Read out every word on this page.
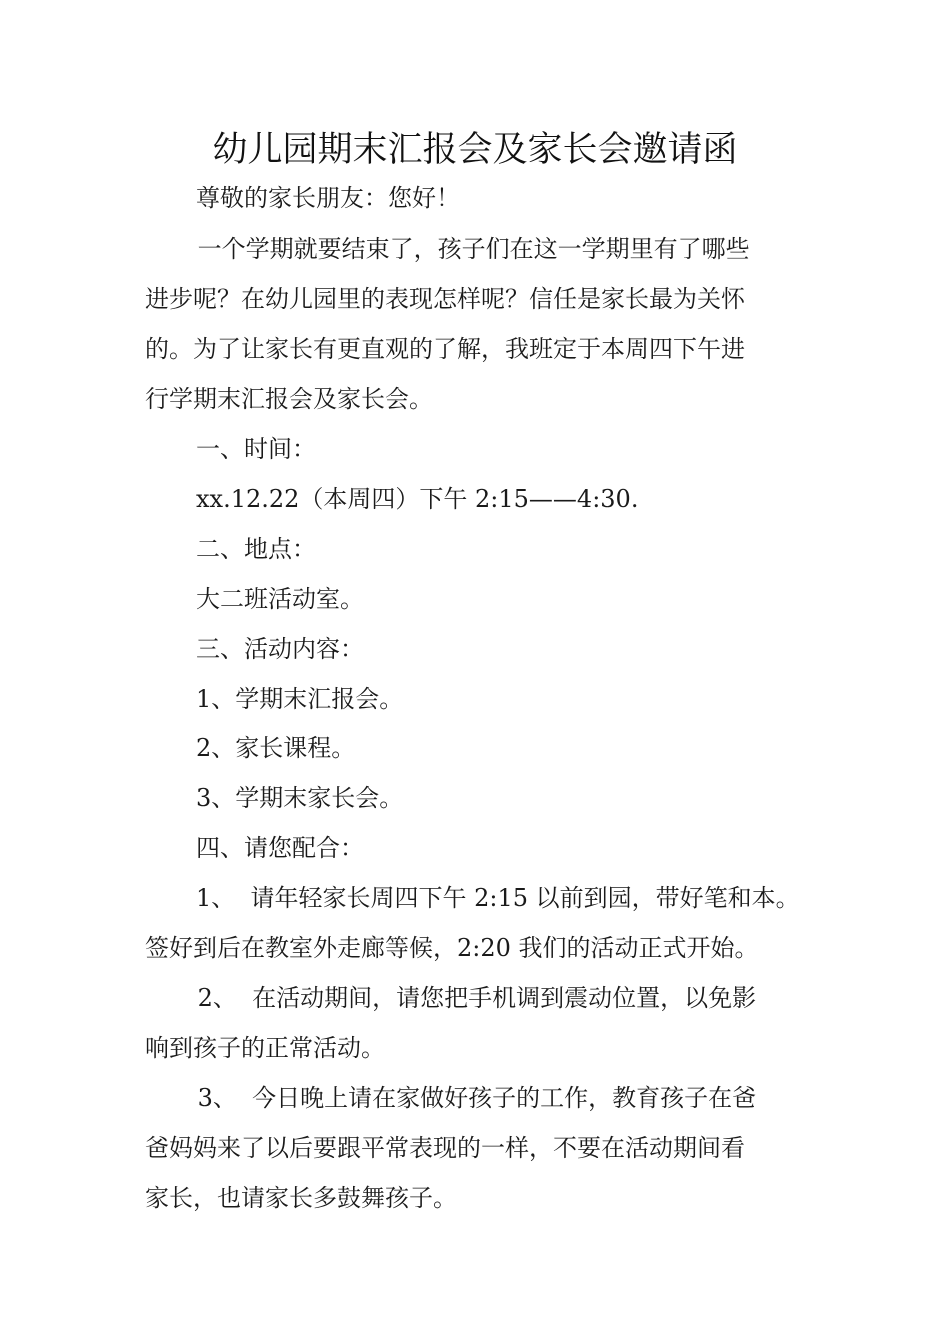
幼儿园期末汇报会及家长会邀请函
尊敬的家长朋友：您好！
一个学期就要结束了，孩子们在这一学期里有了哪些
进步呢？在幼儿园里的表现怎样呢？信任是家长最为关怀
的。为了让家长有更直观的了解，我班定于本周四下午进
行学期末汇报会及家长会。
一、时间：
xx.12.22（本周四）下午 2:15——4:30.
二、地点：
大二班活动室。
三、活动内容：
1、学期末汇报会。
2、家长课程。
3、学期末家长会。
四、请您配合：
1、  请年轻家长周四下午 2:15 以前到园，带好笔和本。
签好到后在教室外走廊等候，2:20 我们的活动正式开始。
2、  在活动期间，请您把手机调到震动位置，以免影
响到孩子的正常活动。
3、  今日晚上请在家做好孩子的工作，教育孩子在爸
爸妈妈来了以后要跟平常表现的一样，不要在活动期间看
家长，也请家长多鼓舞孩子。
